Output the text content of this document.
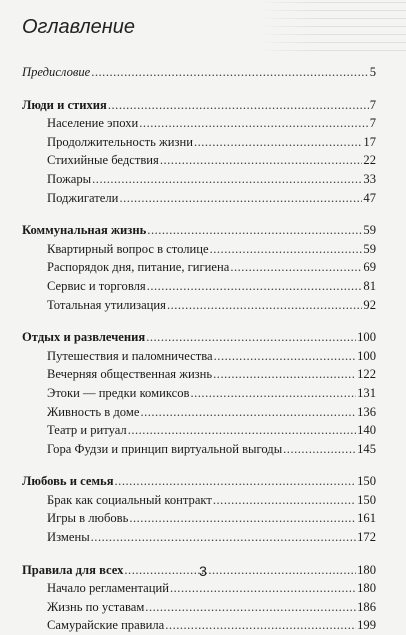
Оглавление
Предисловие .....	5
Люди и стихия .....	7
Население эпохи .....	7
Продолжительность жизни .....	17
Стихийные бедствия .....	22
Пожары .....	33
Поджигатели .....	47
Коммунальная жизнь .....	59
Квартирный вопрос в столице .....	59
Распорядок дня, питание, гигиена .....	69
Сервис и торговля .....	81
Тотальная утилизация .....	92
Отдых и развлечения .....	100
Путешествия и паломничества .....	100
Вечерняя общественная жизнь .....	122
Этоки — предки комиксов .....	131
Живность в доме .....	136
Театр и ритуал .....	140
Гора Фудзи и принцип виртуальной выгоды .....	145
Любовь и семья .....	150
Брак как социальный контракт .....	150
Игры в любовь .....	161
Измены .....	172
Правила для всех .....	180
Начало регламентаций .....	180
Жизнь по уставам .....	186
Самурайские правила .....	199
3
